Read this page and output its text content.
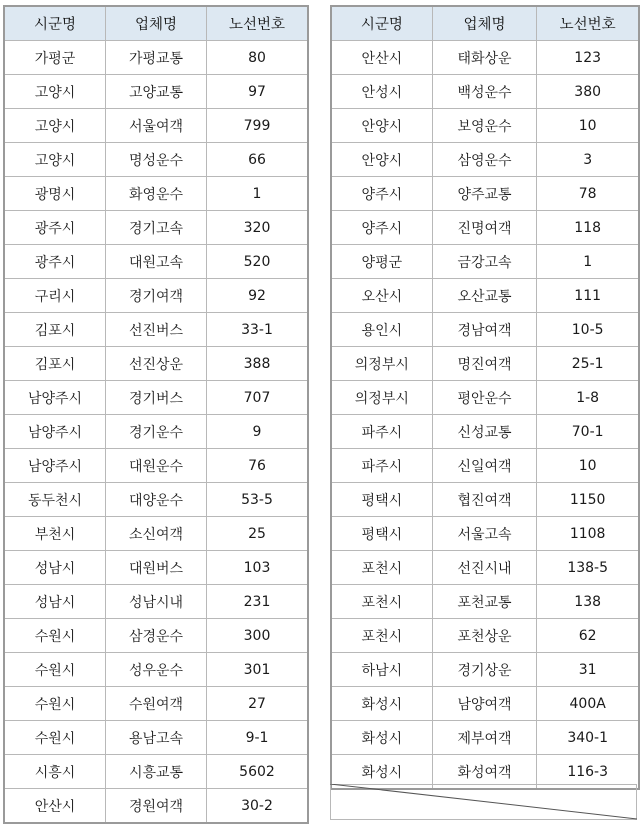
시군명	업체명	노선번호
가평군	가평교통	80
고양시	고양교통	97
고양시	서울여객	799
고양시	명성운수	66
광명시	화영운수	1
광주시	경기고속	320
광주시	대원고속	520
구리시	경기여객	92
김포시	선진버스	33-1
김포시	선진상운	388
남양주시	경기버스	707
남양주시	경기운수	9
남양주시	대원운수	76
동두천시	대양운수	53-5
부천시	소신여객	25
성남시	대원버스	103
성남시	성남시내	231
수원시	삼경운수	300
수원시	성우운수	301
수원시	수원여객	27
수원시	용남고속	9-1
시흥시	시흥교통	5602
안산시	경원여객	30-2
시군명	업체명	노선번호
안산시	태화상운	123
안성시	백성운수	380
안양시	보영운수	10
안양시	삼영운수	3
양주시	양주교통	78
양주시	진명여객	118
양평군	금강고속	1
오산시	오산교통	111
용인시	경남여객	10-5
의정부시	명진여객	25-1
의정부시	평안운수	1-8
파주시	신성교통	70-1
파주시	신일여객	10
평택시	협진여객	1150
평택시	서울고속	1108
포천시	선진시내	138-5
포천시	포천교통	138
포천시	포천상운	62
하남시	경기상운	31
화성시	남양여객	400A
화성시	제부여객	340-1
화성시	화성여객	116-3
